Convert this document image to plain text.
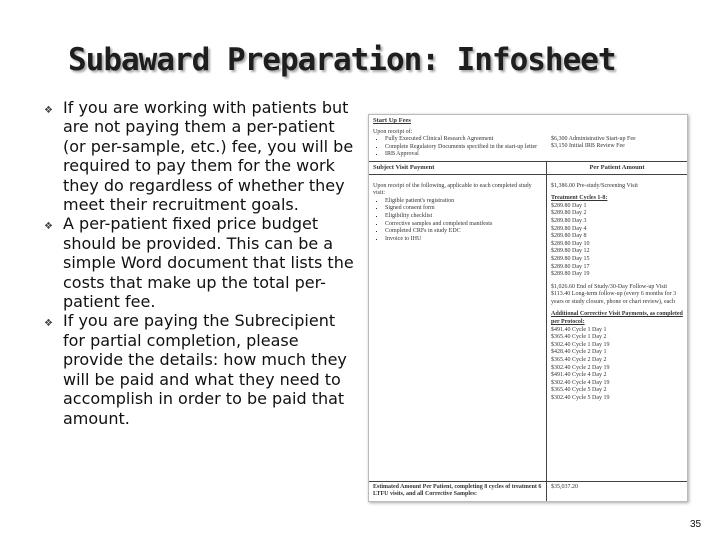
Subaward Preparation: Infosheet
❖ If you are working with patients but are not paying them a per-patient (or per-sample, etc.) fee, you will be required to pay them for the work they do regardless of whether they meet their recruitment goals.
❖ A per-patient fixed price budget should be provided. This can be a simple Word document that lists the costs that make up the total per-patient fee.
❖ If you are paying the Subrecipient for partial completion, please provide the details: how much they will be paid and what they need to accomplish in order to be paid that amount.
Start Up Fees
Upon receipt of:
▪ Fully Executed Clinical Research Agreement
▪ Complete Regulatory Documents specified in the start-up letter
▪ IRB Approval
$6,300 Administrative Start-up Fee
$3,150 Initial IRB Review Fee
Subject Visit Payment	Per Patient Amount
Upon receipt of the following, applicable to each completed study visit:
▪ Eligible patient's registration
▪ Signed consent form
▪ Eligibility checklist
▪ Corrective samples and completed manifests
▪ Completed CRFs in study EDC
▪ Invoice to IHU
$1,386.00 Pre-study/Screening Visit
Treatment Cycles 1-8:
$289.80 Day 1
$289.80 Day 2
$289.80 Day 3
$289.80 Day 4
$289.80 Day 8
$289.80 Day 10
$289.80 Day 12
$289.80 Day 15
$289.80 Day 17
$289.80 Day 19
$1,026.60 End of Study/30-Day Follow-up Visit
$113.40 Long-term follow-up (every 6 months for 3 years or study closure, phone or chart review), each
Additional Corrective Visit Payments, as completed per Protocol:
$491.40 Cycle 1 Day 1
$365.40 Cycle 1 Day 2
$302.40 Cycle 1 Day 19
$428.40 Cycle 2 Day 1
$365.40 Cycle 2 Day 2
$302.40 Cycle 2 Day 19
$491.40 Cycle 4 Day 2
$302.40 Cycle 4 Day 19
$365.40 Cycle 5 Day 2
$302.40 Cycle 5 Day 19
Estimated Amount Per Patient, completing 8 cycles of treatment 6 LTFU visits, and all Corrective Samples:
$35,037.20
35
